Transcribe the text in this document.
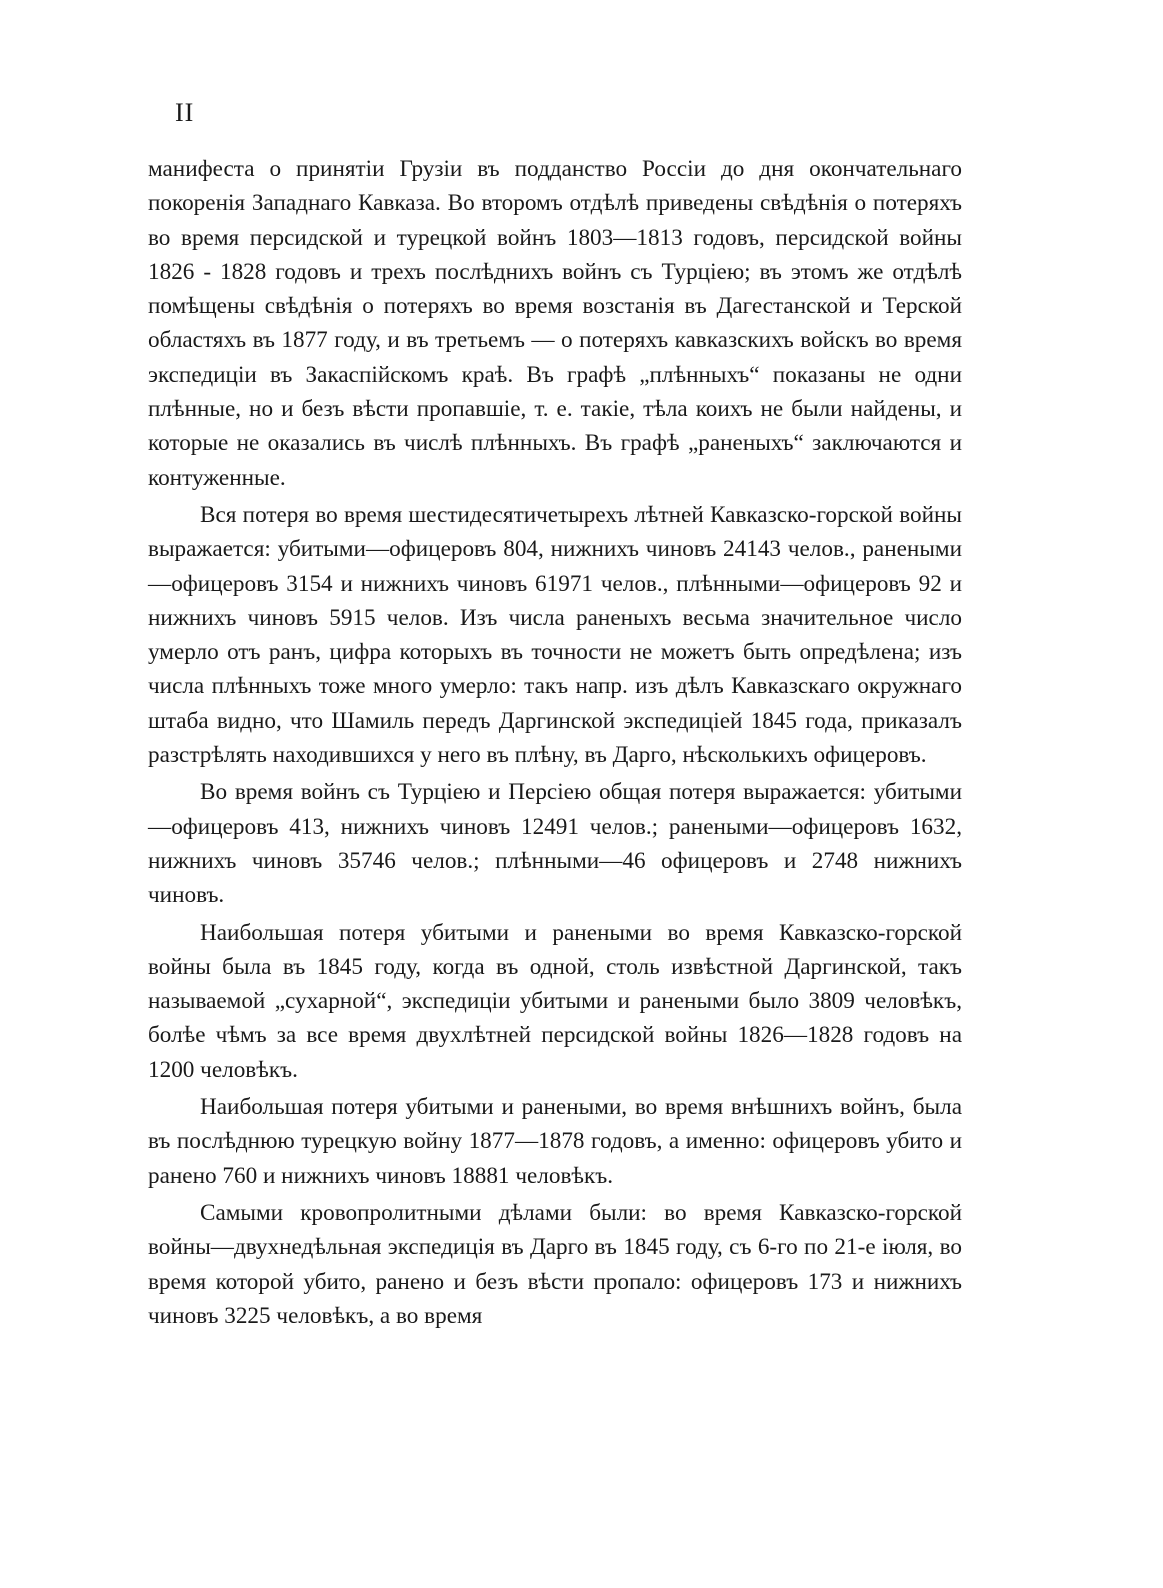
II

манифеста о принятіи Грузіи въ подданство Россіи до дня окончательнаго покоренія Западнаго Кавказа. Во второмъ отдѣлѣ приведены свѣдѣнія о потеряхъ во время персидской и турецкой войнъ 1803—1813 годовъ, персидской войны 1826 - 1828 годовъ и трехъ послѣднихъ войнъ съ Турціею; въ этомъ же отдѣлѣ помѣщены свѣдѣнія о потеряхъ во время возстанія въ Дагестанской и Терской областяхъ въ 1877 году, и въ третьемъ — о потеряхъ кавказскихъ войскъ во время экспедиціи въ Закаспійскомъ краѣ. Въ графѣ „плѣнныхъ“ показаны не одни плѣнные, но и безъ вѣсти пропавшіе, т. е. такіе, тѣла коихъ не были найдены, и которые не оказались въ числѣ плѣнныхъ. Въ графѣ „раненыхъ“ заключаются и контуженные.

Вся потеря во время шестидесятичетырехъ лѣтней Кавказско-горской войны выражается: убитыми—офицеровъ 804, нижнихъ чиновъ 24143 челов., ранеными—офицеровъ 3154 и нижнихъ чиновъ 61971 челов., плѣнными—офицеровъ 92 и нижнихъ чиновъ 5915 челов. Изъ числа раненыхъ весьма значительное число умерло отъ ранъ, цифра которыхъ въ точности не можетъ быть опредѣлена; изъ числа плѣнныхъ тоже много умерло: такъ напр. изъ дѣлъ Кавказскаго окружнаго штаба видно, что Шамиль передъ Даргинской экспедиціей 1845 года, приказалъ разстрѣлять находившихся у него въ плѣну, въ Дарго, нѣсколькихъ офицеровъ.

Во время войнъ съ Турціею и Персіею общая потеря выражается: убитыми—офицеровъ 413, нижнихъ чиновъ 12491 челов.; ранеными—офицеровъ 1632, нижнихъ чиновъ 35746 челов.; плѣнными—46 офицеровъ и 2748 нижнихъ чиновъ.

Наибольшая потеря убитыми и ранеными во время Кавказско-горской войны была въ 1845 году, когда въ одной, столь извѣстной Даргинской, такъ называемой „сухарной“, экспедиціи убитыми и ранеными было 3809 человѣкъ, болѣе чѣмъ за все время двухлѣтней персидской войны 1826—1828 годовъ на 1200 человѣкъ.

Наибольшая потеря убитыми и ранеными, во время внѣшнихъ войнъ, была въ послѣднюю турецкую войну 1877—1878 годовъ, а именно: офицеровъ убито и ранено 760 и нижнихъ чиновъ 18881 человѣкъ.

Самыми кровопролитными дѣлами были: во время Кавказско-горской войны—двухнедѣльная экспедиція въ Дарго въ 1845 году, съ 6-го по 21-е іюля, во время которой убито, ранено и безъ вѣсти пропало: офицеровъ 173 и нижнихъ чиновъ 3225 человѣкъ, а во время
